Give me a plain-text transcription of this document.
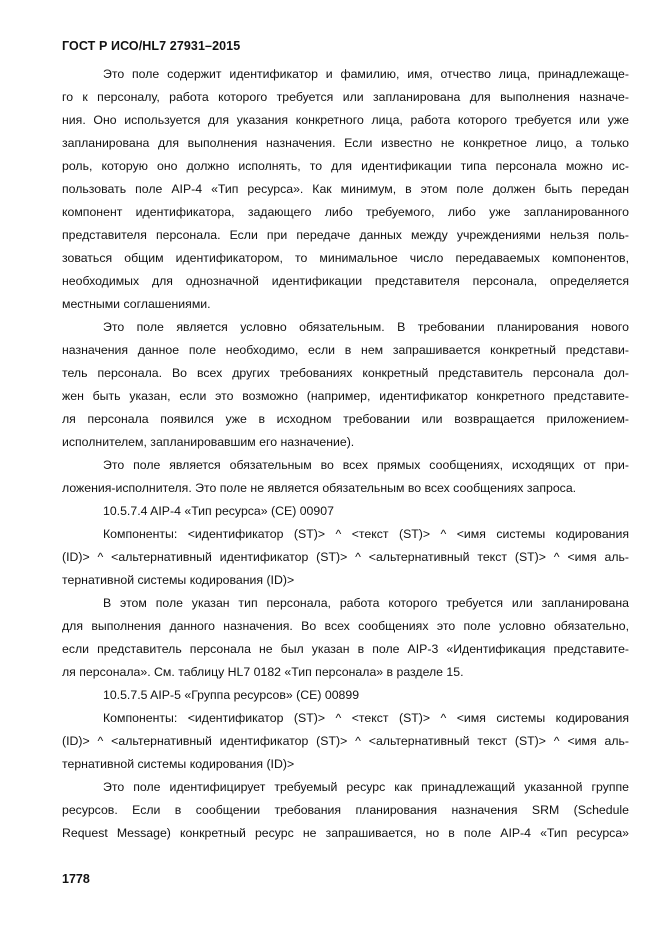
ГОСТ Р ИСО/HL7 27931–2015
Это поле содержит идентификатор и фамилию, имя, отчество лица, принадлежаще-
го к персоналу, работа которого требуется или запланирована для выполнения назначе-
ния. Оно используется для указания конкретного лица, работа которого требуется или уже
запланирована для выполнения назначения. Если известно не конкретное лицо, а только
роль, которую оно должно исполнять, то для идентификации типа персонала можно ис-
пользовать поле AIP-4 «Тип ресурса». Как минимум, в этом поле должен быть передан
компонент идентификатора, задающего либо требуемого, либо уже запланированного
представителя персонала. Если при передаче данных между учреждениями нельзя поль-
зоваться общим идентификатором, то минимальное число передаваемых компонентов,
необходимых для однозначной идентификации представителя персонала, определяется
местными соглашениями.
Это поле является условно обязательным. В требовании планирования нового
назначения данное поле необходимо, если в нем запрашивается конкретный представи-
тель персонала. Во всех других требованиях конкретный представитель персонала дол-
жен быть указан, если это возможно (например, идентификатор конкретного представите-
ля персонала появился уже в исходном требовании или возвращается приложением-
исполнителем, запланировавшим его назначение).
Это поле является обязательным во всех прямых сообщениях, исходящих от при-
ложения-исполнителя. Это поле не является обязательным во всех сообщениях запроса.
10.5.7.4 AIP-4 «Тип ресурса» (CE) 00907
Компоненты: <идентификатор (ST)> ^ <текст (ST)> ^ <имя системы кодирования
(ID)> ^ <альтернативный идентификатор (ST)> ^ <альтернативный текст (ST)> ^ <имя аль-
тернативной системы кодирования (ID)>
В этом поле указан тип персонала, работа которого требуется или запланирована
для выполнения данного назначения. Во всех сообщениях это поле условно обязательно,
если представитель персонала не был указан в поле AIP-3 «Идентификация представите-
ля персонала». См. таблицу HL7 0182 «Тип персонала» в разделе 15.
10.5.7.5 AIP-5 «Группа ресурсов» (CE) 00899
Компоненты: <идентификатор (ST)> ^ <текст (ST)> ^ <имя системы кодирования
(ID)> ^ <альтернативный идентификатор (ST)> ^ <альтернативный текст (ST)> ^ <имя аль-
тернативной системы кодирования (ID)>
Это поле идентифицирует требуемый ресурс как принадлежащий указанной группе
ресурсов. Если в сообщении требования планирования назначения SRM (Schedule
Request Message) конкретный ресурс не запрашивается, но в поле AIP-4 «Тип ресурса»
1778
